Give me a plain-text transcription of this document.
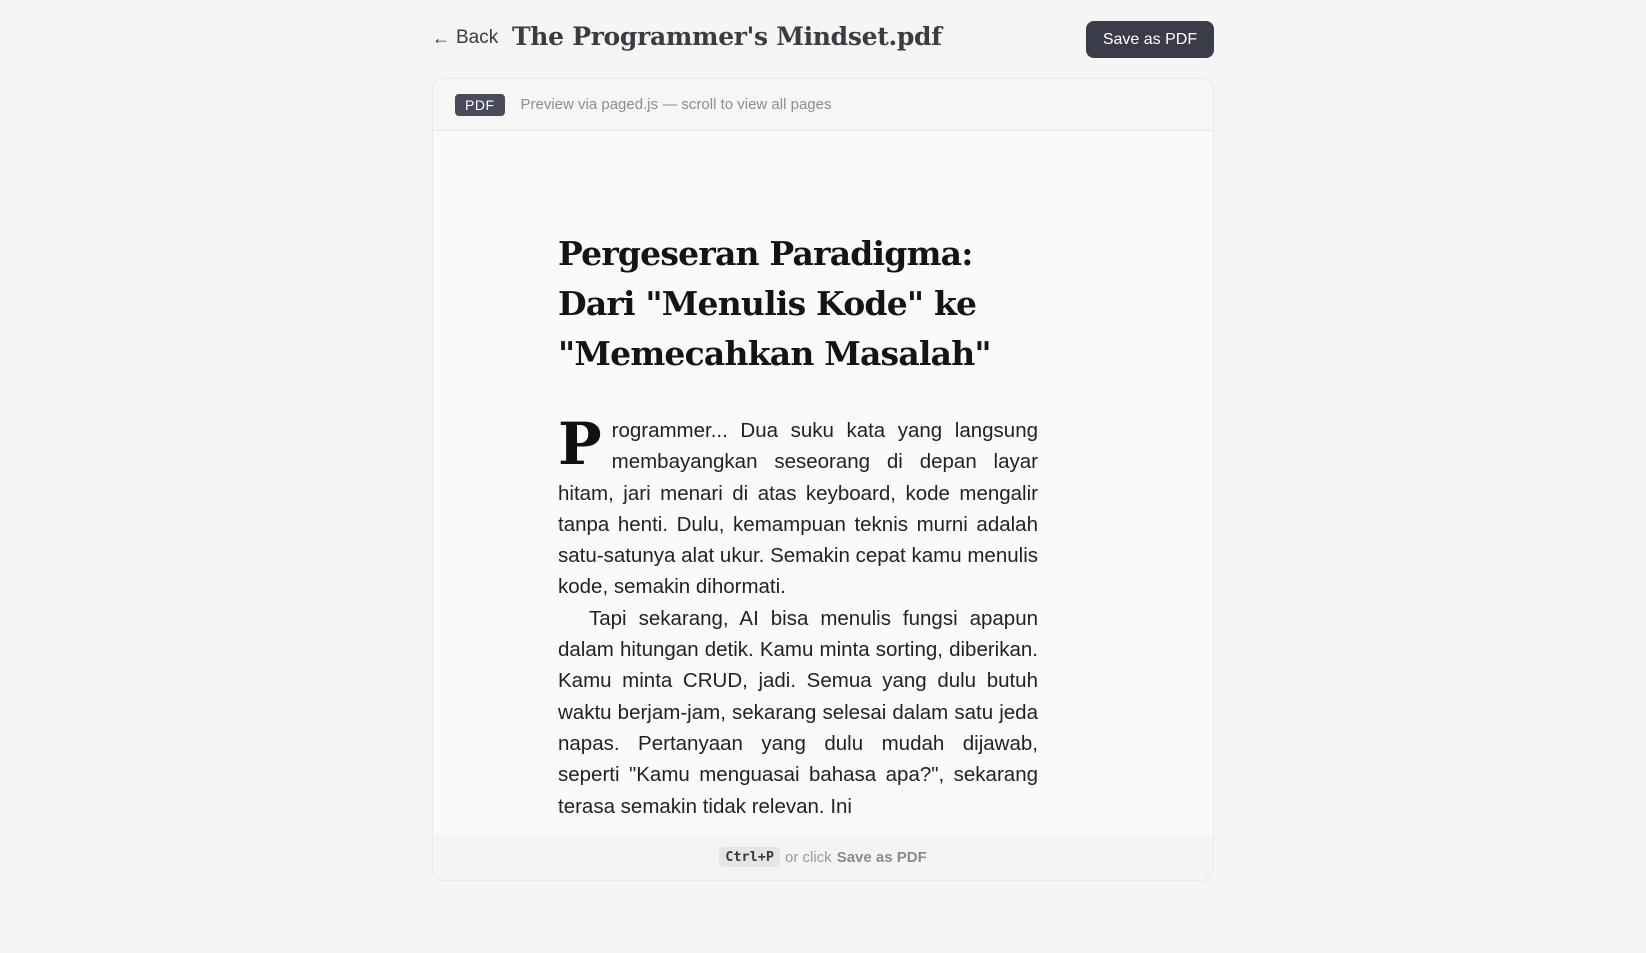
← Back The Programmer's Mindset.pdf	Save as PDF
PDF	Preview via paged.js — scroll to view all pages
Pergeseran Paradigma: Dari "Menulis Kode" ke "Memecahkan Masalah"

Programmer... Dua suku kata yang langsung membayangkan seseorang di depan layar hitam, jari menari di atas keyboard, kode mengalir tanpa henti. Dulu, kemampuan teknis murni adalah satu-satunya alat ukur. Semakin cepat kamu menulis kode, semakin dihormati.

Tapi sekarang, AI bisa menulis fungsi apapun dalam hitungan detik. Kamu minta sorting, diberikan. Kamu minta CRUD, jadi. Semua yang dulu butuh waktu berjam-jam, sekarang selesai dalam satu jeda napas. Pertanyaan yang dulu mudah dijawab, seperti "Kamu menguasai bahasa apa?", sekarang terasa semakin tidak relevan. Ini

Ctrl+P or click Save as PDF
